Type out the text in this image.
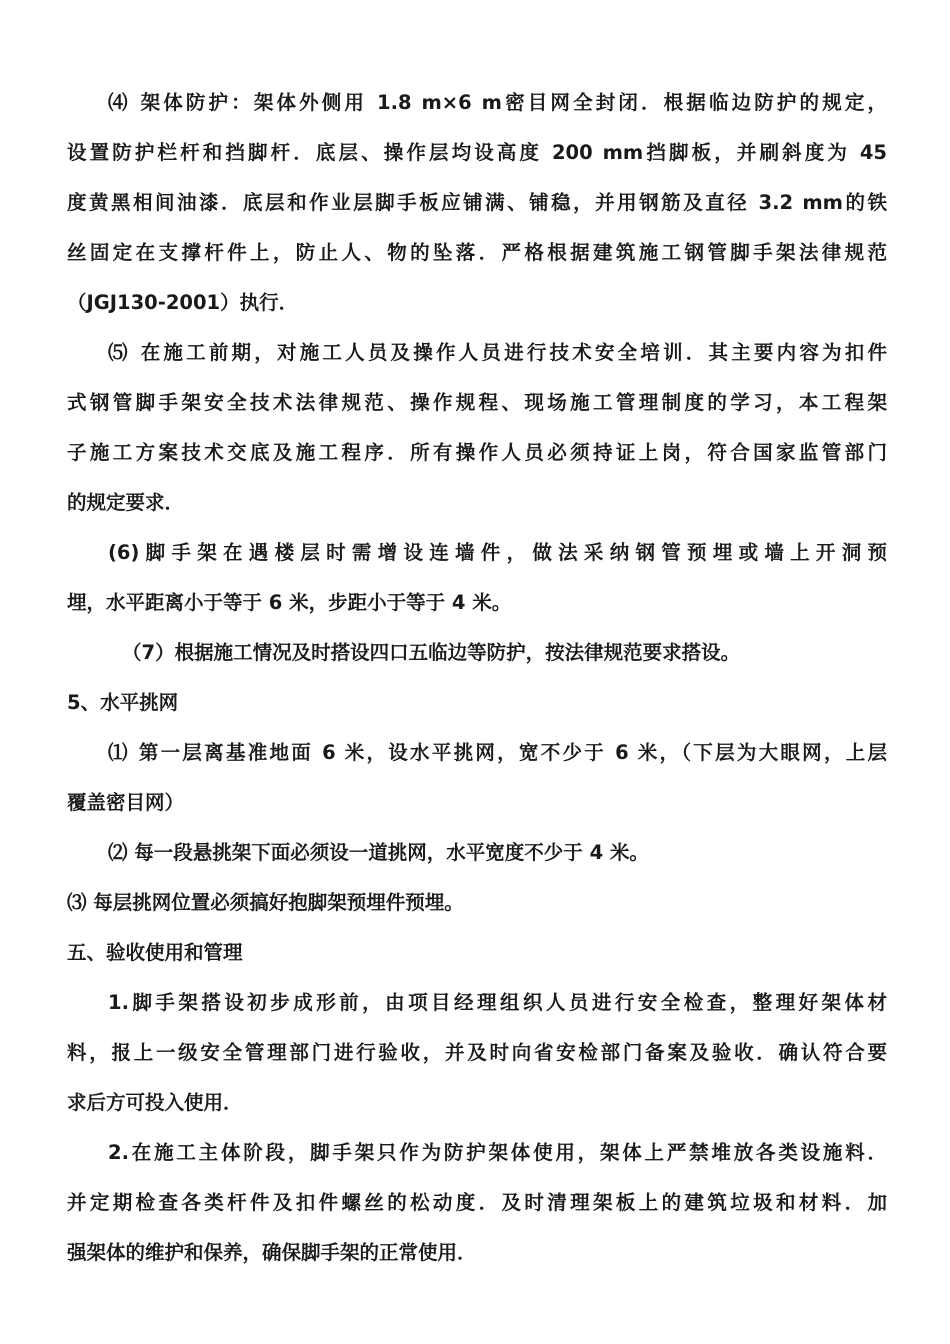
⑷ 架体防护：架体外侧用 1.8 m×6 m密目网全封闭．根据临边防护的规定，

设置防护栏杆和挡脚杆．底层、操作层均设高度 200 mm挡脚板，并刷斜度为 45

度黄黑相间油漆．底层和作业层脚手板应铺满、铺稳，并用钢筋及直径 3.2 mm的铁

丝固定在支撑杆件上，防止人、物的坠落．严格根据建筑施工钢管脚手架法律规范

（JGJ130-2001）执行．

⑸ 在施工前期，对施工人员及操作人员进行技术安全培训．其主要内容为扣件

式钢管脚手架安全技术法律规范、操作规程、现场施工管理制度的学习，本工程架

子施工方案技术交底及施工程序．所有操作人员必须持证上岗，符合国家监管部门

的规定要求．

(6)脚手架在遇楼层时需增设连墙件，做法采纳钢管预埋或墙上开洞预

埋，水平距离小于等于 6 米，步距小于等于 4 米。

（7）根据施工情况及时搭设四口五临边等防护，按法律规范要求搭设。

5、水平挑网

⑴ 第一层离基准地面 6 米，设水平挑网，宽不少于 6 米，（下层为大眼网，上层

覆盖密目网）

⑵ 每一段悬挑架下面必须设一道挑网，水平宽度不少于 4 米。

⑶ 每层挑网位置必须搞好抱脚架预埋件预埋。

五、验收使用和管理

1.脚手架搭设初步成形前，由项目经理组织人员进行安全检查，整理好架体材

料，报上一级安全管理部门进行验收，并及时向省安检部门备案及验收．确认符合要

求后方可投入使用．

2.在施工主体阶段，脚手架只作为防护架体使用，架体上严禁堆放各类设施料．

并定期检查各类杆件及扣件螺丝的松动度．及时清理架板上的建筑垃圾和材料．加

强架体的维护和保养，确保脚手架的正常使用．
